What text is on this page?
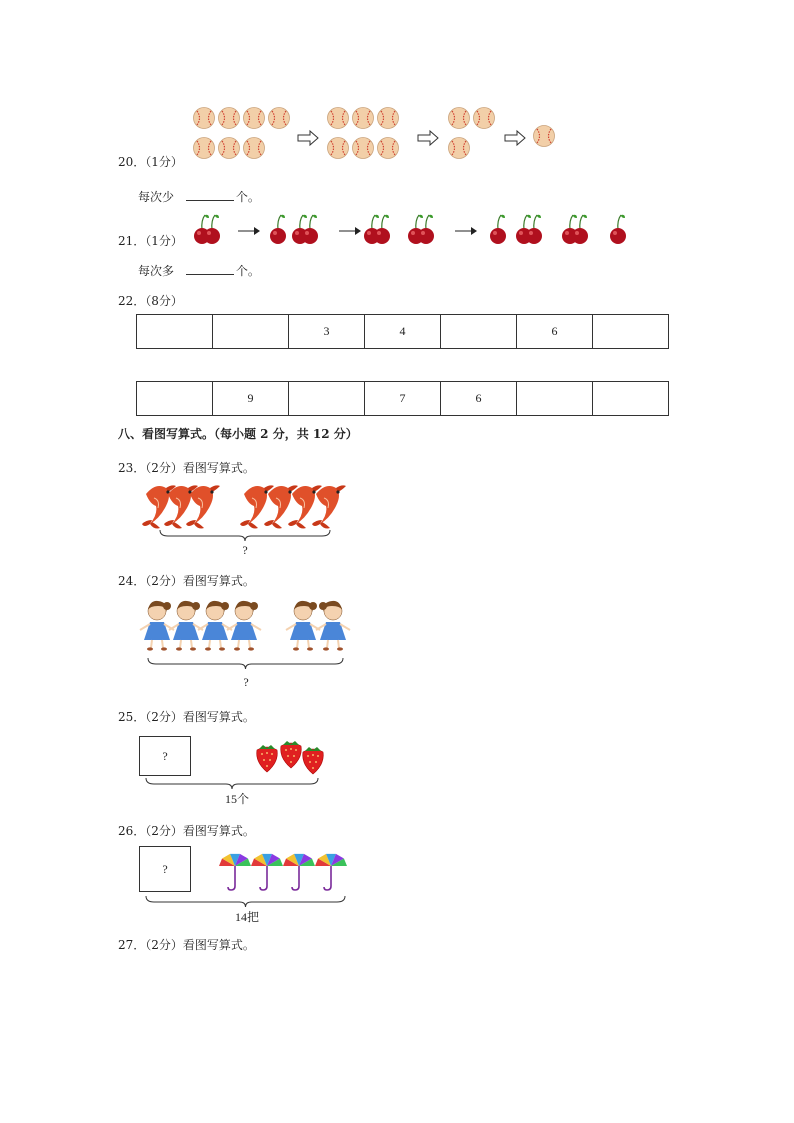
20．（1分）
每次少	个。
21．（1分）
每次多	个。
22．（8分）
		3	4		6	
	9		7	6		
八、看图写算式。（每小题 2 分，共 12 分）
23．（2分）看图写算式。
?
24．（2分）看图写算式。
?
25．（2分）看图写算式。
?
15个
26．（2分）看图写算式。
?
14把
27．（2分）看图写算式。
